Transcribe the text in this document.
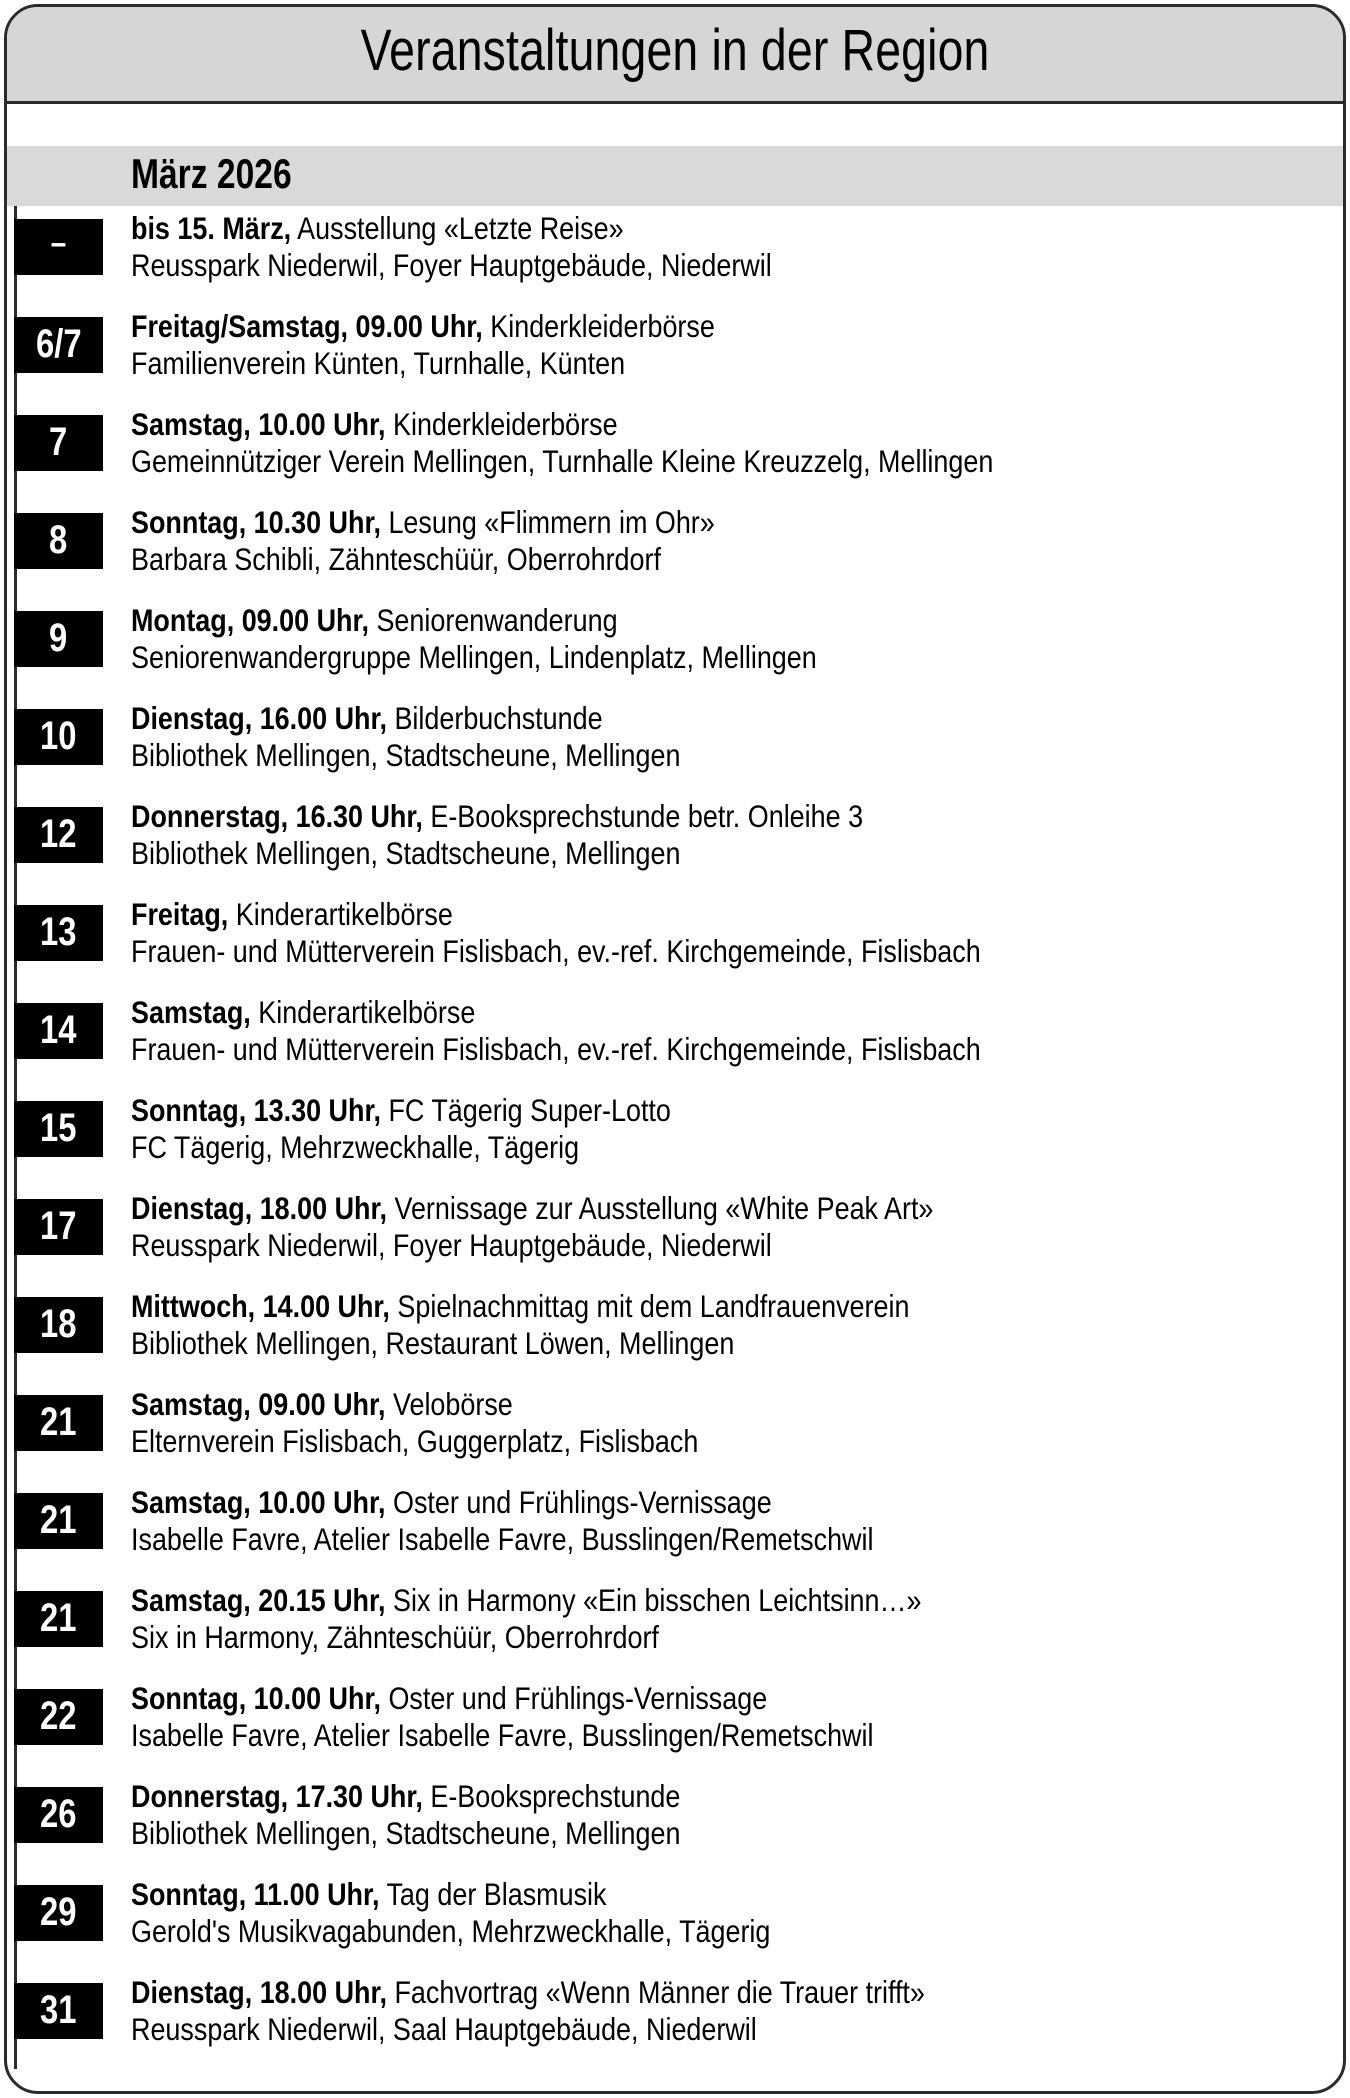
Veranstaltungen in der Region
März 2026
– bis 15. März, Ausstellung «Letzte Reise»
Reusspark Niederwil, Foyer Hauptgebäude, Niederwil
6/7 Freitag/Samstag, 09.00 Uhr, Kinderkleiderbörse
Familienverein Künten, Turnhalle, Künten
7 Samstag, 10.00 Uhr, Kinderkleiderbörse
Gemeinnütziger Verein Mellingen, Turnhalle Kleine Kreuzzelg, Mellingen
8 Sonntag, 10.30 Uhr, Lesung «Flimmern im Ohr»
Barbara Schibli, Zähnteschüür, Oberrohrdorf
9 Montag, 09.00 Uhr, Seniorenwanderung
Seniorenwandergruppe Mellingen, Lindenplatz, Mellingen
10 Dienstag, 16.00 Uhr, Bilderbuchstunde
Bibliothek Mellingen, Stadtscheune, Mellingen
12 Donnerstag, 16.30 Uhr, E-Booksprechstunde betr. Onleihe 3
Bibliothek Mellingen, Stadtscheune, Mellingen
13 Freitag, Kinderartikelbörse
Frauen- und Mütterverein Fislisbach, ev.-ref. Kirchgemeinde, Fislisbach
14 Samstag, Kinderartikelbörse
Frauen- und Mütterverein Fislisbach, ev.-ref. Kirchgemeinde, Fislisbach
15 Sonntag, 13.30 Uhr, FC Tägerig Super-Lotto
FC Tägerig, Mehrzweckhalle, Tägerig
17 Dienstag, 18.00 Uhr, Vernissage zur Ausstellung «White Peak Art»
Reusspark Niederwil, Foyer Hauptgebäude, Niederwil
18 Mittwoch, 14.00 Uhr, Spielnachmittag mit dem Landfrauenverein
Bibliothek Mellingen, Restaurant Löwen, Mellingen
21 Samstag, 09.00 Uhr, Velobörse
Elternverein Fislisbach, Guggerplatz, Fislisbach
21 Samstag, 10.00 Uhr, Oster und Frühlings-Vernissage
Isabelle Favre, Atelier Isabelle Favre, Busslingen/Remetschwil
21 Samstag, 20.15 Uhr, Six in Harmony «Ein bisschen Leichtsinn…»
Six in Harmony, Zähnteschüür, Oberrohrdorf
22 Sonntag, 10.00 Uhr, Oster und Frühlings-Vernissage
Isabelle Favre, Atelier Isabelle Favre, Busslingen/Remetschwil
26 Donnerstag, 17.30 Uhr, E-Booksprechstunde
Bibliothek Mellingen, Stadtscheune, Mellingen
29 Sonntag, 11.00 Uhr, Tag der Blasmusik
Gerold's Musikvagabunden, Mehrzweckhalle, Tägerig
31 Dienstag, 18.00 Uhr, Fachvortrag «Wenn Männer die Trauer trifft»
Reusspark Niederwil, Saal Hauptgebäude, Niederwil
